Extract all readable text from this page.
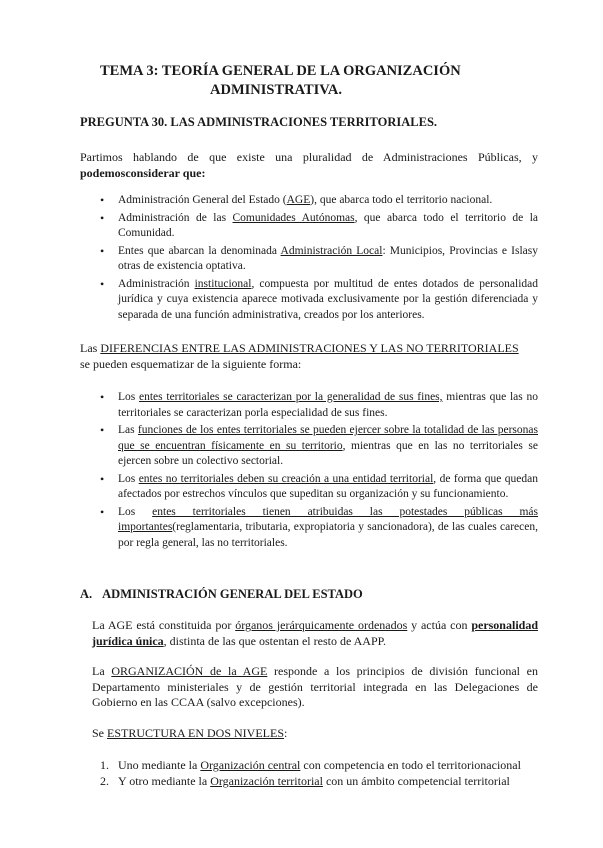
TEMA 3: TEORÍA GENERAL DE LA ORGANIZACIÓN
ADMINISTRATIVA.
PREGUNTA 30. LAS ADMINISTRACIONES TERRITORIALES.
Partimos hablando de que existe una pluralidad de Administraciones Públicas, y
podemosconsiderar que:
• Administración General del Estado (AGE), que abarca todo el territorio nacional.
• Administración de las Comunidades Autónomas, que abarca todo el territorio de la Comunidad.
• Entes que abarcan la denominada Administración Local: Municipios, Provincias e Islasy otras de existencia optativa.
• Administración institucional, compuesta por multitud de entes dotados de personalidad jurídica y cuya existencia aparece motivada exclusivamente por la gestión diferenciada y separada de una función administrativa, creados por los anteriores.
Las DIFERENCIAS ENTRE LAS ADMINISTRACIONES Y LAS NO TERRITORIALES
se pueden esquematizar de la siguiente forma:
• Los entes territoriales se caracterizan por la generalidad de sus fines, mientras que las no territoriales se caracterizan porla especialidad de sus fines.
• Las funciones de los entes territoriales se pueden ejercer sobre la totalidad de las personas que se encuentran físicamente en su territorio, mientras que en las no territoriales se ejercen sobre un colectivo sectorial.
• Los entes no territoriales deben su creación a una entidad territorial, de forma que quedan afectados por estrechos vínculos que supeditan su organización y su funcionamiento.
• Los entes territoriales tienen atribuidas las potestades públicas más importantes(reglamentaria, tributaria, expropiatoria y sancionadora), de las cuales carecen, por regla general, las no territoriales.
A. ADMINISTRACIÓN GENERAL DEL ESTADO
La AGE está constituida por órganos jerárquicamente ordenados y actúa con personalidad jurídica única, distinta de las que ostentan el resto de AAPP.
La ORGANIZACIÓN de la AGE responde a los principios de división funcional en Departamento ministeriales y de gestión territorial integrada en las Delegaciones de Gobierno en las CCAA (salvo excepciones).
Se ESTRUCTURA EN DOS NIVELES:
1. Uno mediante la Organización central con competencia en todo el territorionacional
2. Y otro mediante la Organización territorial con un ámbito competencial territorial
